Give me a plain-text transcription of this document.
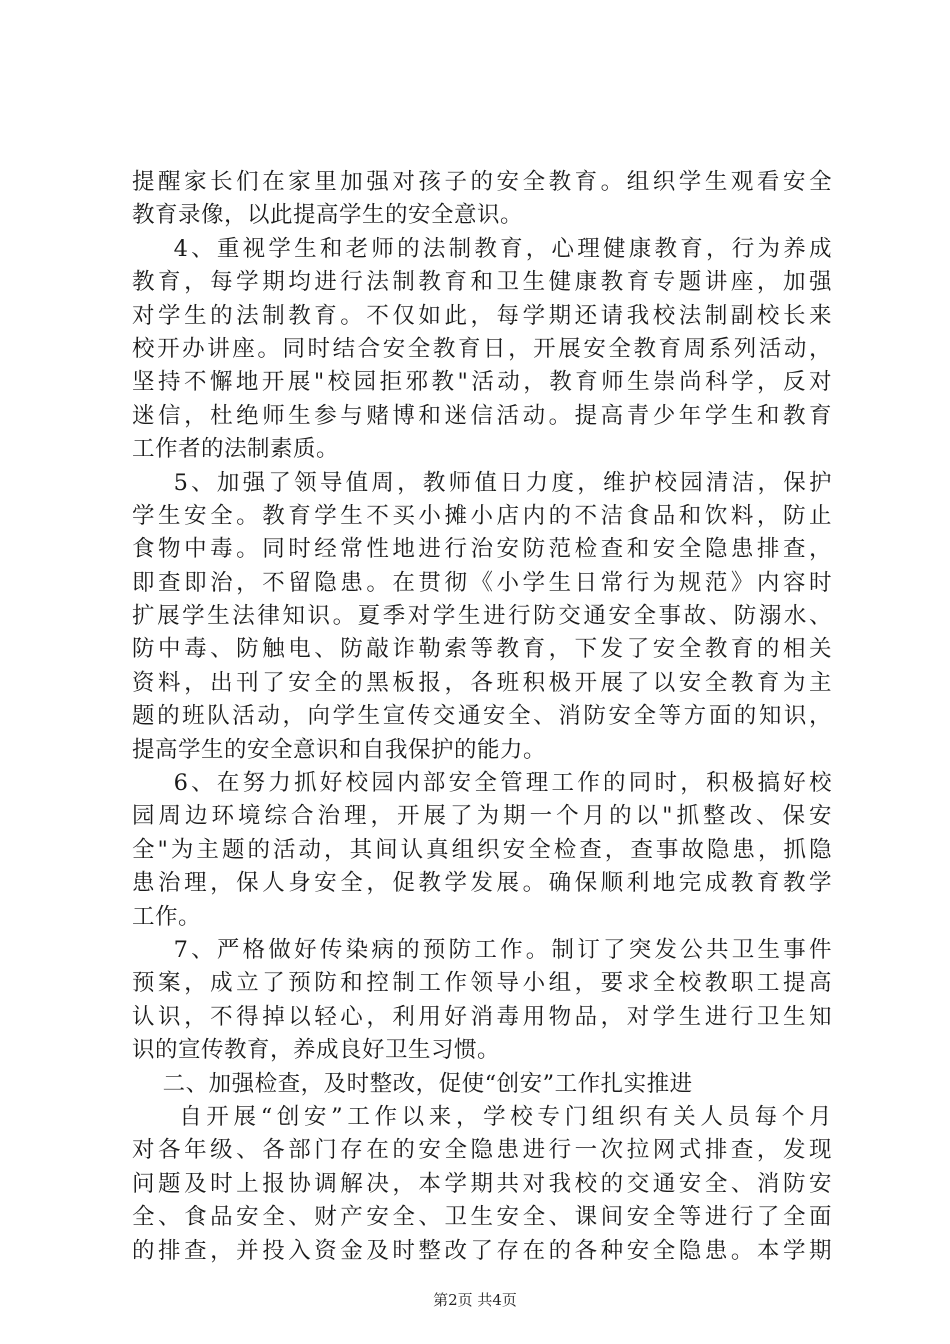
提醒家长们在家里加强对孩子的安全教育。组织学生观看安全
教育录像，以此提高学生的安全意识。
4、重视学生和老师的法制教育，心理健康教育，行为养成
教育，每学期均进行法制教育和卫生健康教育专题讲座，加强
对学生的法制教育。不仅如此，每学期还请我校法制副校长来
校开办讲座。同时结合安全教育日，开展安全教育周系列活动，
坚持不懈地开展"校园拒邪教"活动，教育师生崇尚科学，反对
迷信，杜绝师生参与赌博和迷信活动。提高青少年学生和教育
工作者的法制素质。
5、加强了领导值周，教师值日力度，维护校园清洁，保护
学生安全。教育学生不买小摊小店内的不洁食品和饮料，防止
食物中毒。同时经常性地进行治安防范检查和安全隐患排查，
即查即治，不留隐患。在贯彻《小学生日常行为规范》内容时
扩展学生法律知识。夏季对学生进行防交通安全事故、防溺水、
防中毒、防触电、防敲诈勒索等教育，下发了安全教育的相关
资料，出刊了安全的黑板报，各班积极开展了以安全教育为主
题的班队活动，向学生宣传交通安全、消防安全等方面的知识，
提高学生的安全意识和自我保护的能力。
6、在努力抓好校园内部安全管理工作的同时，积极搞好校
园周边环境综合治理，开展了为期一个月的以"抓整改、保安
全"为主题的活动，其间认真组织安全检查，查事故隐患，抓隐
患治理，保人身安全，促教学发展。确保顺利地完成教育教学
工作。
7、严格做好传染病的预防工作。制订了突发公共卫生事件
预案，成立了预防和控制工作领导小组，要求全校教职工提高
认识，不得掉以轻心，利用好消毒用物品，对学生进行卫生知
识的宣传教育，养成良好卫生习惯。
二、加强检查，及时整改，促使“创安”工作扎实推进
自开展“创安”工作以来，学校专门组织有关人员每个月
对各年级、各部门存在的安全隐患进行一次拉网式排查，发现
问题及时上报协调解决，本学期共对我校的交通安全、消防安
全、食品安全、财产安全、卫生安全、课间安全等进行了全面
的排查，并投入资金及时整改了存在的各种安全隐患。本学期
第2页 共4页
